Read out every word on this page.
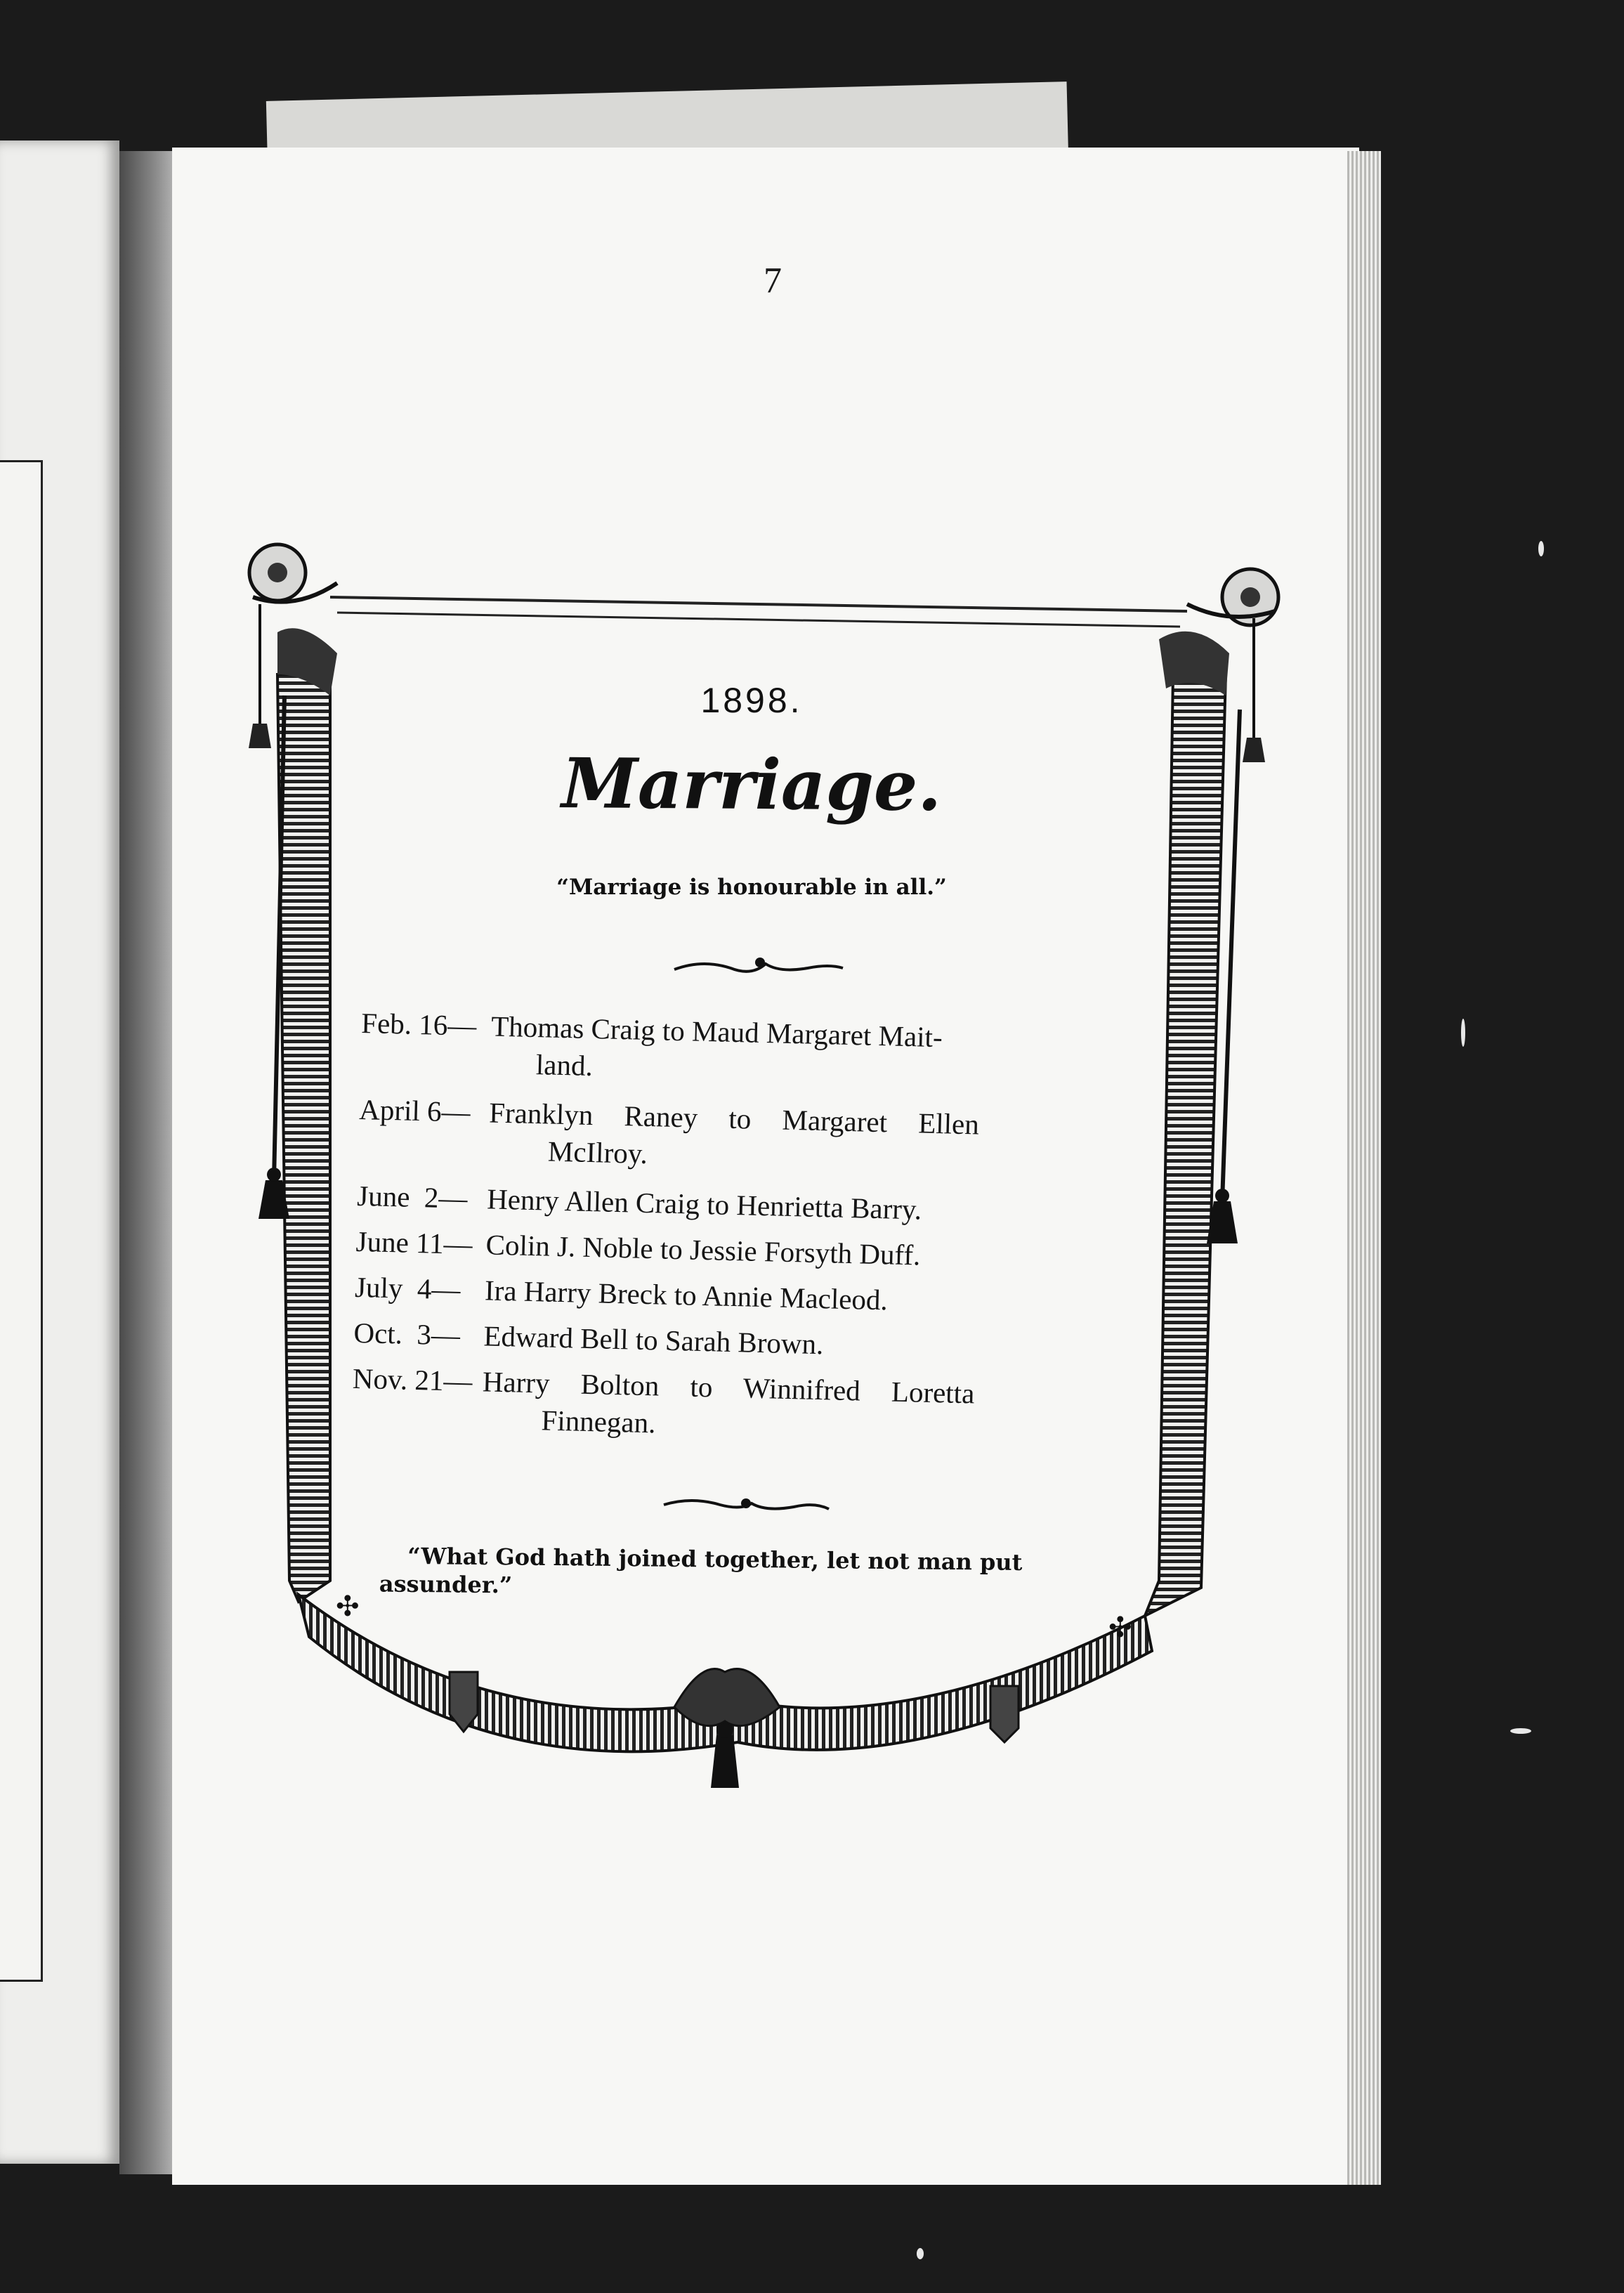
7
✣
✣
1898.
Marriage.
“Marriage is honourable in all.”
Feb. 16— Thomas Craig to Maud Margaret Mait-
land.
April 6— Franklyn Raney to Margaret Ellen
McIlroy.
June  2— Henry Allen Craig to Henrietta Barry.
June 11— Colin J. Noble to Jessie Forsyth Duff.
July  4— Ira Harry Breck to Annie Macleod.
Oct.  3— Edward Bell to Sarah Brown.
Nov. 21— Harry Bolton to Winnifred Loretta
Finnegan.
“What God hath joined together, let not man put assunder.”
